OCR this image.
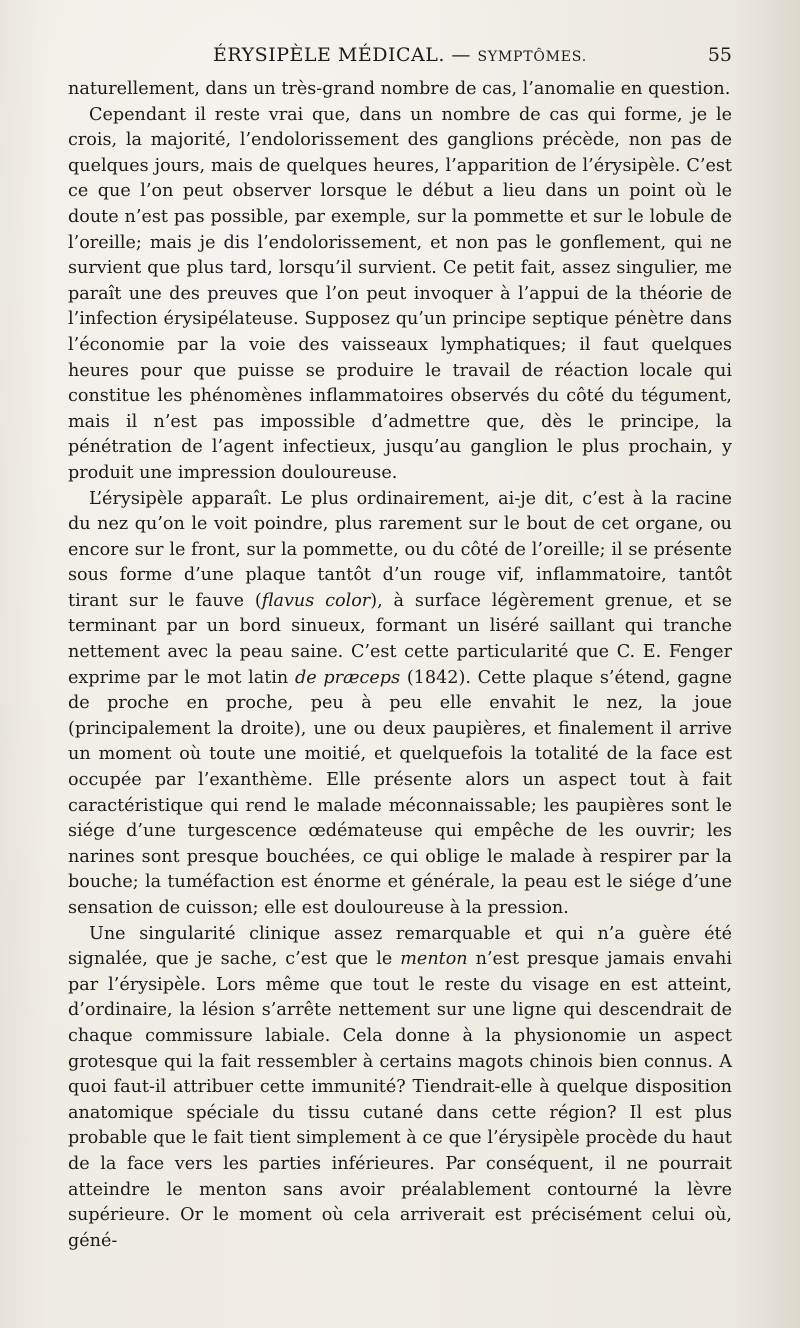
ÉRYSIPÈLE MÉDICAL. — SYMPTÔMES.	55

naturellement, dans un très-grand nombre de cas, l’anomalie en question.

Cependant il reste vrai que, dans un nombre de cas qui forme, je le crois, la majorité, l’endolorissement des ganglions précède, non pas de quelques jours, mais de quelques heures, l’apparition de l’érysipèle. C’est ce que l’on peut observer lorsque le début a lieu dans un point où le doute n’est pas possible, par exemple, sur la pommette et sur le lobule de l’oreille; mais je dis l’endolorissement, et non pas le gonflement, qui ne survient que plus tard, lorsqu’il survient. Ce petit fait, assez singulier, me paraît une des preuves que l’on peut invoquer à l’appui de la théorie de l’infection érysipélateuse. Supposez qu’un principe septique pénètre dans l’économie par la voie des vaisseaux lymphatiques; il faut quelques heures pour que puisse se produire le travail de réaction locale qui constitue les phénomènes inflammatoires observés du côté du tégument, mais il n’est pas impossible d’admettre que, dès le principe, la pénétration de l’agent infectieux, jusqu’au ganglion le plus prochain, y produit une impression douloureuse.

L’érysipèle apparaît. Le plus ordinairement, ai-je dit, c’est à la racine du nez qu’on le voit poindre, plus rarement sur le bout de cet organe, ou encore sur le front, sur la pommette, ou du côté de l’oreille; il se présente sous forme d’une plaque tantôt d’un rouge vif, inflammatoire, tantôt tirant sur le fauve (flavus color), à surface légèrement grenue, et se terminant par un bord sinueux, formant un liséré saillant qui tranche nettement avec la peau saine. C’est cette particularité que C. E. Fenger exprime par le mot latin de præceps (1842). Cette plaque s’étend, gagne de proche en proche, peu à peu elle envahit le nez, la joue (principalement la droite), une ou deux paupières, et finalement il arrive un moment où toute une moitié, et quelquefois la totalité de la face est occupée par l’exanthème. Elle présente alors un aspect tout à fait caractéristique qui rend le malade méconnaissable; les paupières sont le siége d’une turgescence œdémateuse qui empêche de les ouvrir; les narines sont presque bouchées, ce qui oblige le malade à respirer par la bouche; la tuméfaction est énorme et générale, la peau est le siége d’une sensation de cuisson; elle est douloureuse à la pression.

Une singularité clinique assez remarquable et qui n’a guère été signalée, que je sache, c’est que le menton n’est presque jamais envahi par l’érysipèle. Lors même que tout le reste du visage en est atteint, d’ordinaire, la lésion s’arrête nettement sur une ligne qui descendrait de chaque commissure labiale. Cela donne à la physionomie un aspect grotesque qui la fait ressembler à certains magots chinois bien connus. A quoi faut-il attribuer cette immunité? Tiendrait-elle à quelque disposition anatomique spéciale du tissu cutané dans cette région? Il est plus probable que le fait tient simplement à ce que l’érysipèle procède du haut de la face vers les parties inférieures. Par conséquent, il ne pourrait atteindre le menton sans avoir préalablement contourné la lèvre supérieure. Or le moment où cela arriverait est précisément celui où, géné-
